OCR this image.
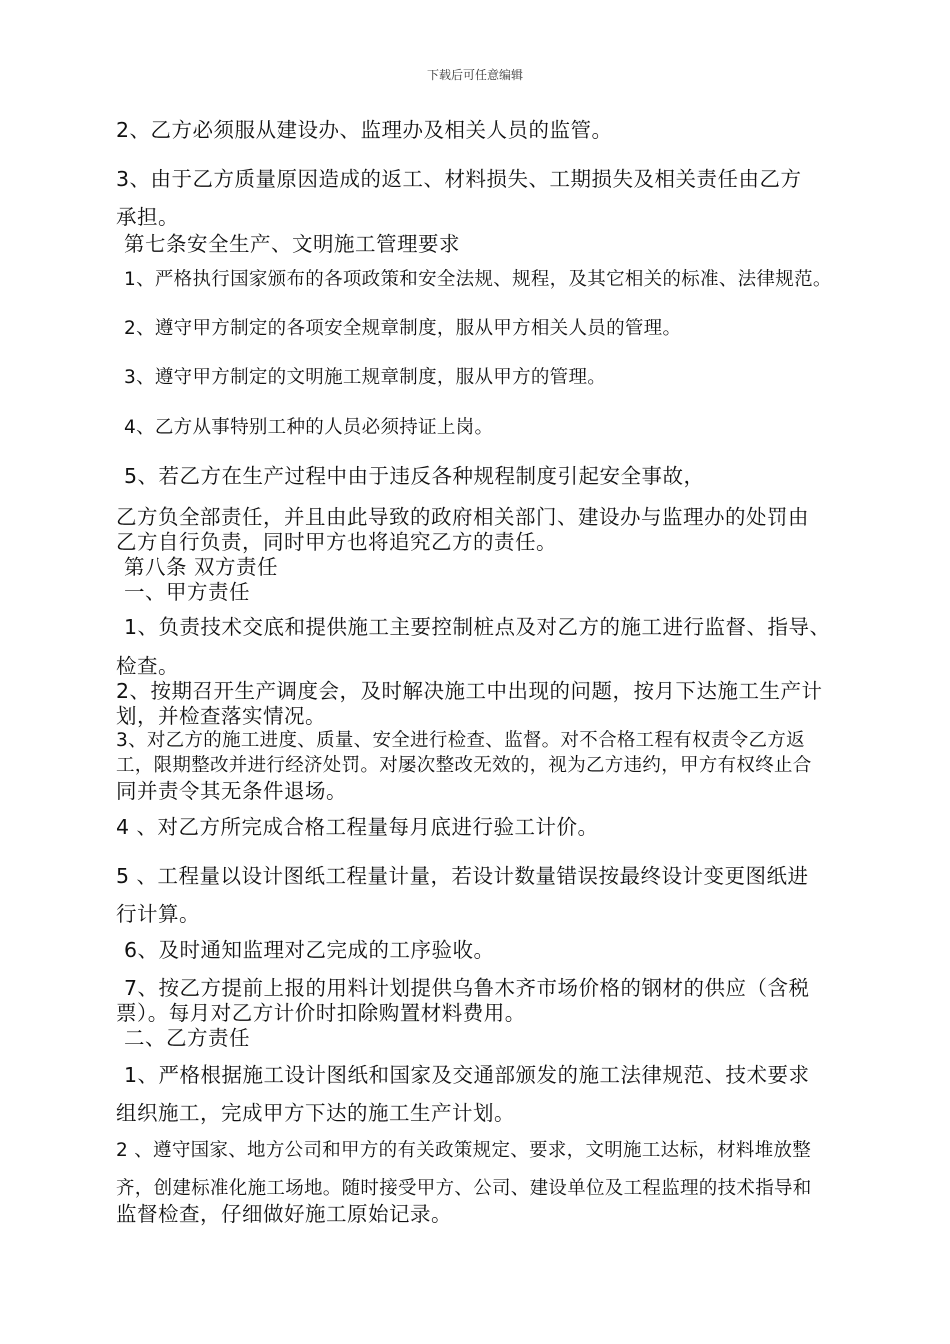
下载后可任意编辑
2、乙方必须服从建设办、监理办及相关人员的监管。
3、由于乙方质量原因造成的返工、材料损失、工期损失及相关责任由乙方
承担。
第七条安全生产、文明施工管理要求
1、严格执行国家颁布的各项政策和安全法规、规程，及其它相关的标准、法律规范。
2、遵守甲方制定的各项安全规章制度，服从甲方相关人员的管理。
3、遵守甲方制定的文明施工规章制度，服从甲方的管理。
4、乙方从事特别工种的人员必须持证上岗。
5、若乙方在生产过程中由于违反各种规程制度引起安全事故，
乙方负全部责任，并且由此导致的政府相关部门、建设办与监理办的处罚由
乙方自行负责，同时甲方也将追究乙方的责任。
第八条 双方责任
一、甲方责任
1、负责技术交底和提供施工主要控制桩点及对乙方的施工进行监督、指导、
检查。
2、按期召开生产调度会，及时解决施工中出现的问题，按月下达施工生产计
划，并检查落实情况。
3、对乙方的施工进度、质量、安全进行检查、监督。对不合格工程有权责令乙方返
工，限期整改并进行经济处罚。对屡次整改无效的，视为乙方违约，甲方有权终止合
同并责令其无条件退场。
4 、对乙方所完成合格工程量每月底进行验工计价。
5 、工程量以设计图纸工程量计量，若设计数量错误按最终设计变更图纸进
行计算。
6、及时通知监理对乙完成的工序验收。
7、按乙方提前上报的用料计划提供乌鲁木齐市场价格的钢材的供应（含税
票）。每月对乙方计价时扣除购置材料费用。
二、乙方责任
1、严格根据施工设计图纸和国家及交通部颁发的施工法律规范、技术要求
组织施工，完成甲方下达的施工生产计划。
2 、遵守国家、地方公司和甲方的有关政策规定、要求，文明施工达标，材料堆放整
齐，创建标准化施工场地。随时接受甲方、公司、建设单位及工程监理的技术指导和
监督检查，仔细做好施工原始记录。
